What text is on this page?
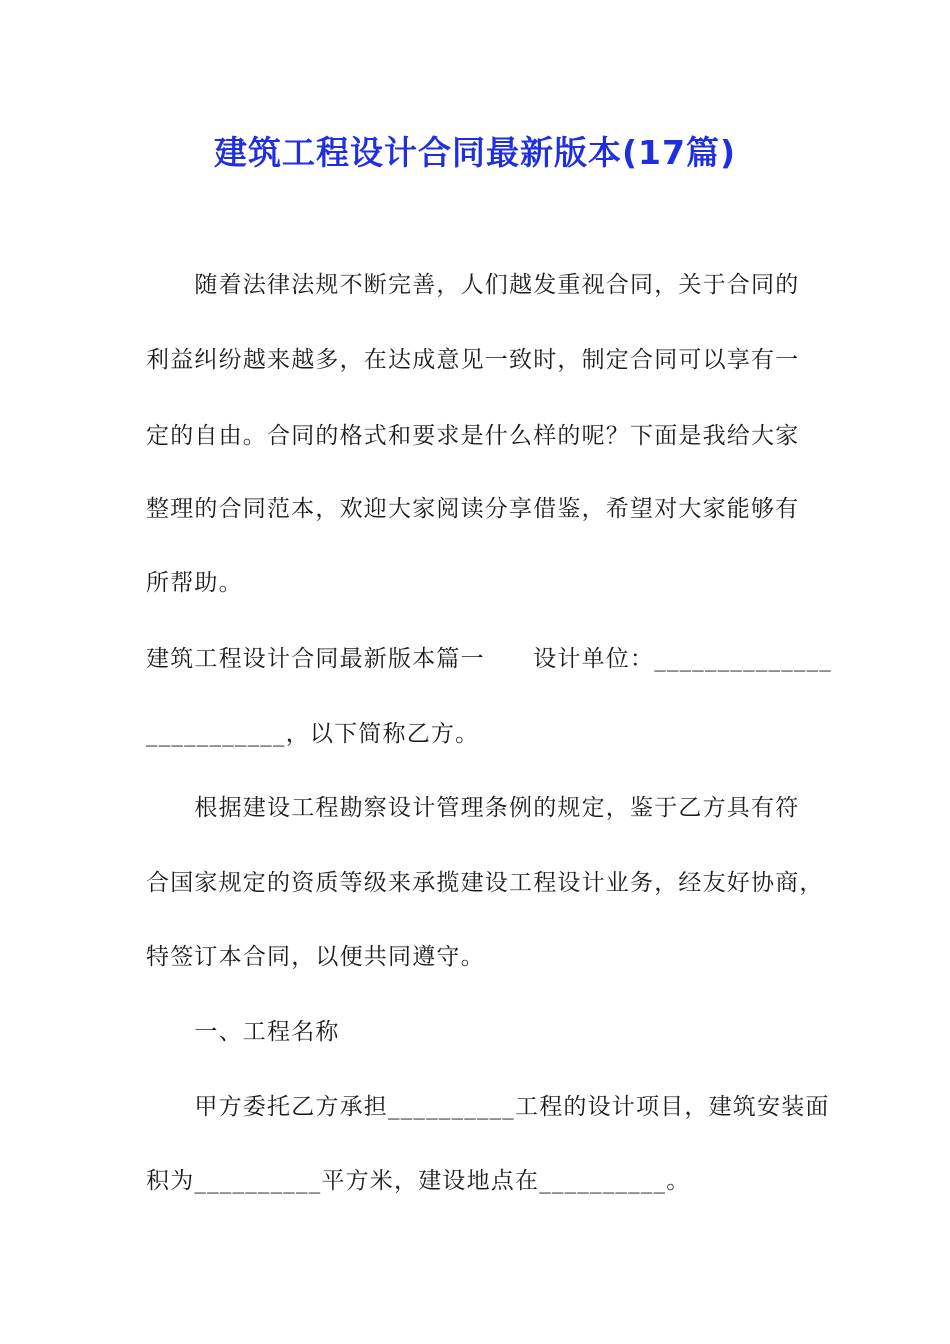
建筑工程设计合同最新版本(17篇)
　　随着法律法规不断完善，人们越发重视合同，关于合同的
利益纠纷越来越多，在达成意见一致时，制定合同可以享有一
定的自由。合同的格式和要求是什么样的呢？下面是我给大家
整理的合同范本，欢迎大家阅读分享借鉴，希望对大家能够有
所帮助。
建筑工程设计合同最新版本篇一　　设计单位：______________
___________，以下简称乙方。
　　根据建设工程勘察设计管理条例的规定，鉴于乙方具有符
合国家规定的资质等级来承揽建设工程设计业务，经友好协商，
特签订本合同，以便共同遵守。
　　一、工程名称
　　甲方委托乙方承担__________工程的设计项目，建筑安装面
积为__________平方米，建设地点在__________。
